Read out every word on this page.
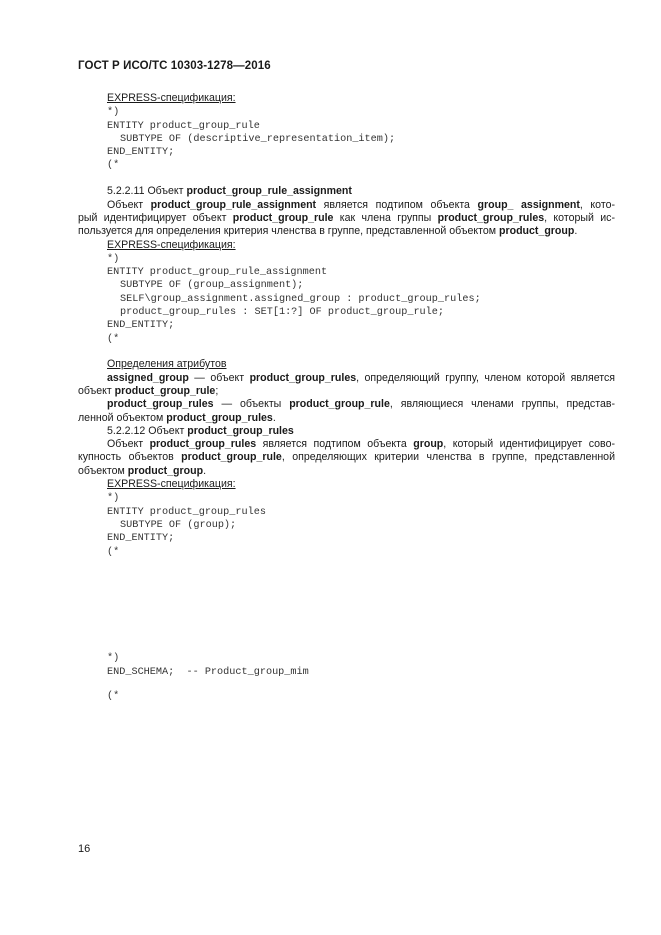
ГОСТ Р ИСО/ТС 10303-1278—2016
EXPRESS-спецификация:
*)
ENTITY product_group_rule
SUBTYPE OF (descriptive_representation_item);
END_ENTITY;
(*
5.2.2.11 Объект product_group_rule_assignment
Объект product_group_rule_assignment является подтипом объекта group_ assignment, кото-
рый идентифицирует объект product_group_rule как члена группы product_group_rules, который ис-
пользуется для определения критерия членства в группе, представленной объектом product_group.
EXPRESS-спецификация:
*)
ENTITY product_group_rule_assignment
SUBTYPE OF (group_assignment);
SELF\group_assignment.assigned_group : product_group_rules;
product_group_rules : SET[1:?] OF product_group_rule;
END_ENTITY;
(*
Определения атрибутов
assigned_group — объект product_group_rules, определяющий группу, членом которой является
объект product_group_rule;
product_group_rules — объекты product_group_rule, являющиеся членами группы, представ-
ленной объектом product_group_rules.
5.2.2.12 Объект product_group_rules
Объект product_group_rules является подтипом объекта group, который идентифицирует сово-
купность объектов product_group_rule, определяющих критерии членства в группе, представленной
объектом product_group.
EXPRESS-спецификация:
*)
ENTITY product_group_rules
SUBTYPE OF (group);
END_ENTITY;
(*
*)
END_SCHEMA;  -- Product_group_mim
(*
16
